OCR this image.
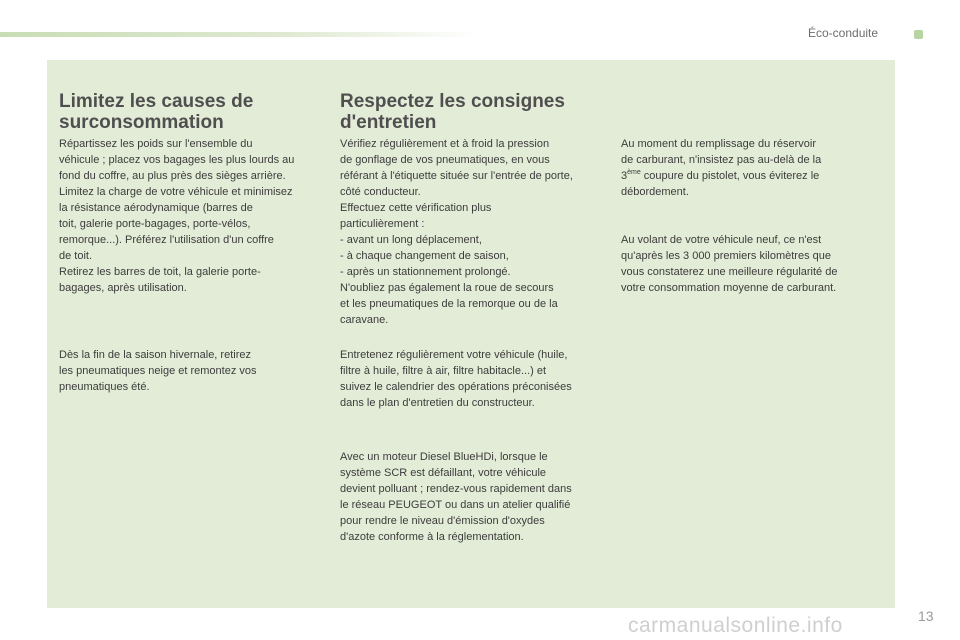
Éco-conduite
Limitez les causes de
surconsommation

Répartissez les poids sur l'ensemble du
véhicule ; placez vos bagages les plus lourds au
fond du coffre, au plus près des sièges arrière.
Limitez la charge de votre véhicule et minimisez
la résistance aérodynamique (barres de
toit, galerie porte-bagages, porte-vélos,
remorque...). Préférez l'utilisation d'un coffre
de toit.
Retirez les barres de toit, la galerie porte-
bagages, après utilisation.

Dès la fin de la saison hivernale, retirez
les pneumatiques neige et remontez vos
pneumatiques été.

Respectez les consignes
d'entretien

Vérifiez régulièrement et à froid la pression
de gonflage de vos pneumatiques, en vous
référant à l'étiquette située sur l'entrée de porte,
côté conducteur.
Effectuez cette vérification plus
particulièrement :
- avant un long déplacement,
- à chaque changement de saison,
- après un stationnement prolongé.
N'oubliez pas également la roue de secours
et les pneumatiques de la remorque ou de la
caravane.

Entretenez régulièrement votre véhicule (huile,
filtre à huile, filtre à air, filtre habitacle...) et
suivez le calendrier des opérations préconisées
dans le plan d'entretien du constructeur.

Avec un moteur Diesel BlueHDi, lorsque le
système SCR est défaillant, votre véhicule
devient polluant ; rendez-vous rapidement dans
le réseau PEUGEOT ou dans un atelier qualifié
pour rendre le niveau d'émission d'oxydes
d'azote conforme à la réglementation.

Au moment du remplissage du réservoir
de carburant, n'insistez pas au-delà de la
3ème coupure du pistolet, vous éviterez le
débordement.

Au volant de votre véhicule neuf, ce n'est
qu'après les 3 000 premiers kilomètres que
vous constaterez une meilleure régularité de
votre consommation moyenne de carburant.

carmanualsonline.info	13
